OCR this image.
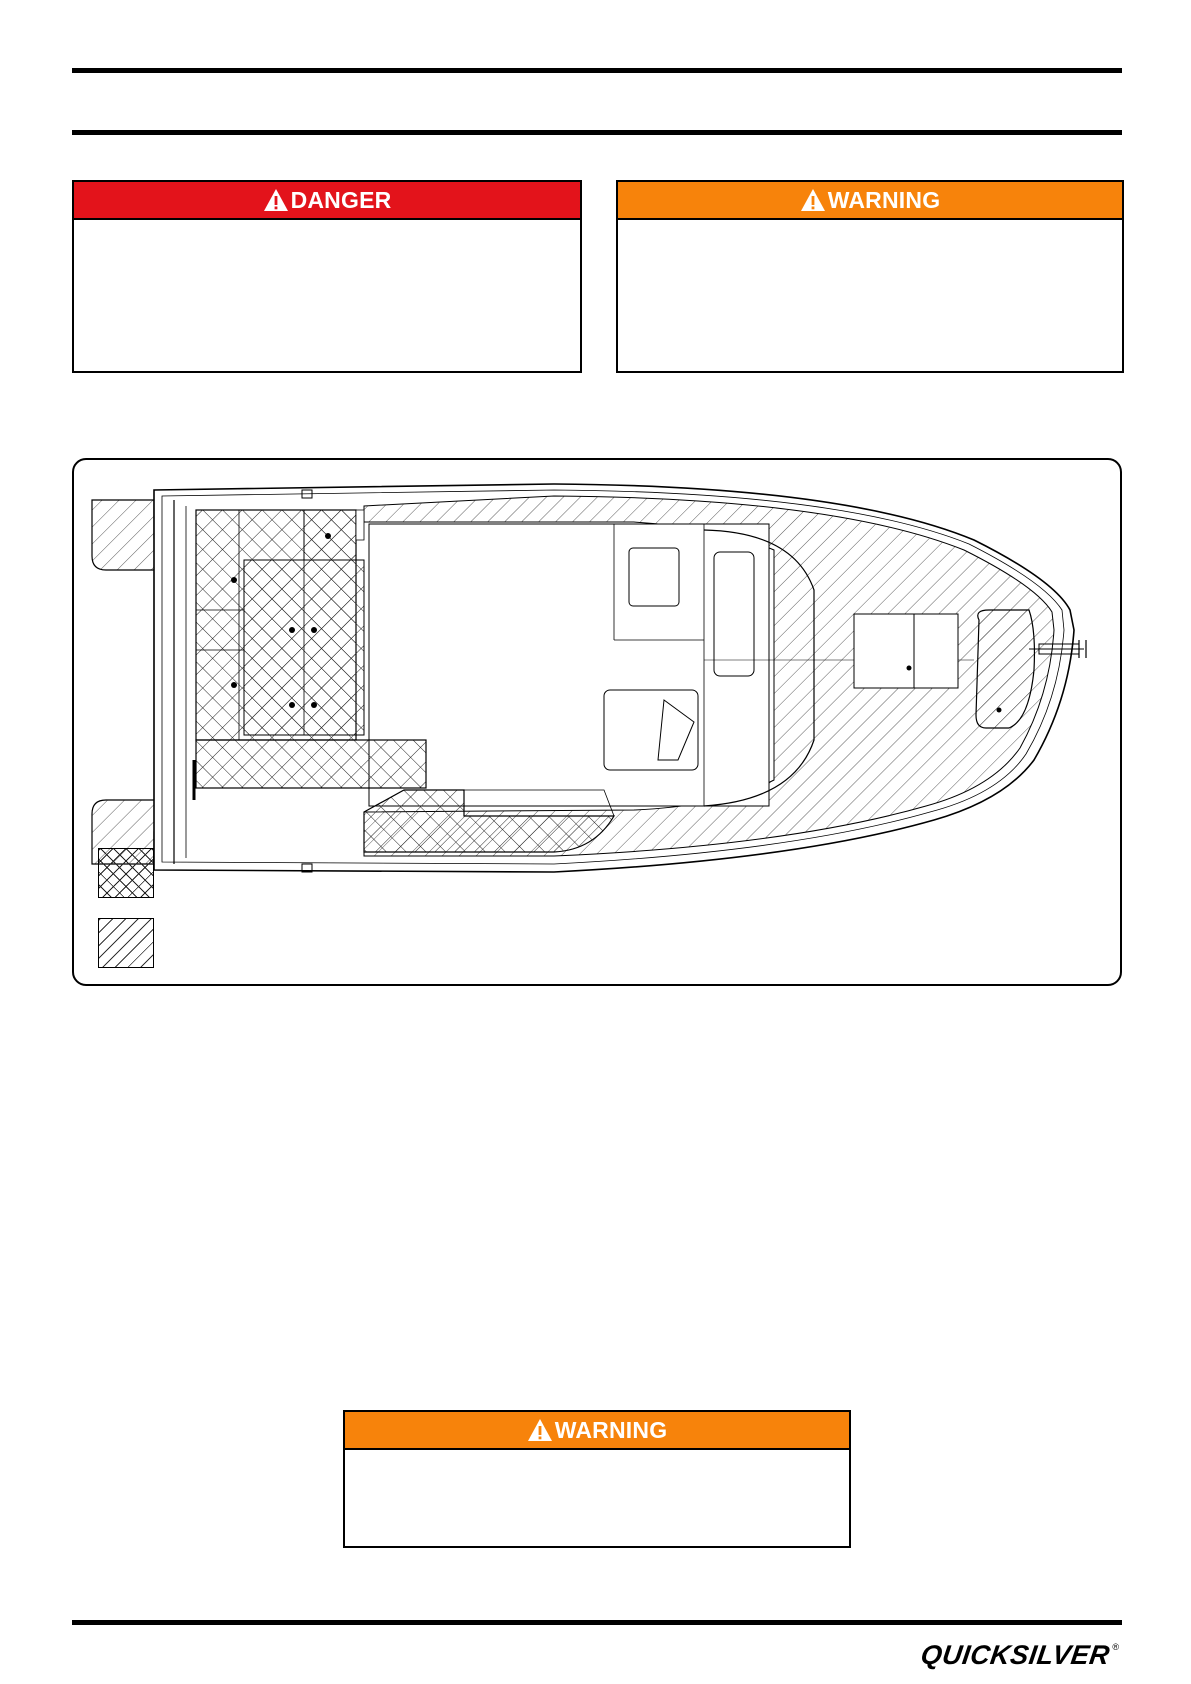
DANGER	WARNING
WARNING
QUICKSILVER ®
